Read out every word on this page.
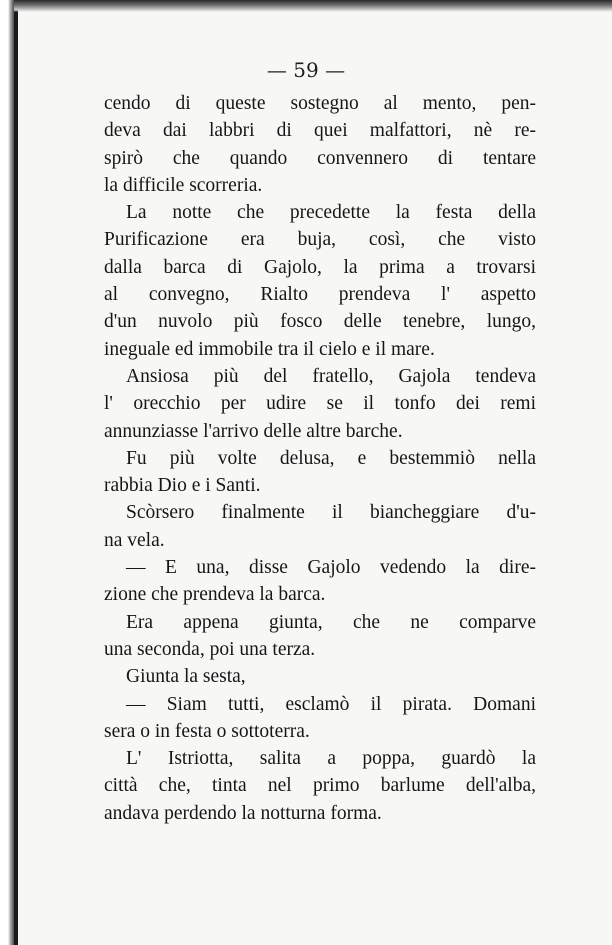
— 59 —
cendo di queste sostegno al mento, pen-
deva dai labbri di quei malfattori, nè re-
spirò che quando convennero di tentare
la difficile scorreria.
La notte che precedette la festa della
Purificazione era buja, così, che visto
dalla barca di Gajolo, la prima a trovarsi
al convegno, Rialto prendeva l' aspetto
d'un nuvolo più fosco delle tenebre, lungo,
ineguale ed immobile tra il cielo e il mare.
Ansiosa più del fratello, Gajola tendeva
l' orecchio per udire se il tonfo dei remi
annunziasse l'arrivo delle altre barche.
Fu più volte delusa, e bestemmiò nella
rabbia Dio e i Santi.
Scòrsero finalmente il biancheggiare d'u-
na vela.
— E una, disse Gajolo vedendo la dire-
zione che prendeva la barca.
Era appena giunta, che ne comparve
una seconda, poi una terza.
Giunta la sesta,
— Siam tutti, esclamò il pirata. Domani
sera o in festa o sottoterra.
L' Istriotta, salita a poppa, guardò la
città che, tinta nel primo barlume dell'alba,
andava perdendo la notturna forma.
